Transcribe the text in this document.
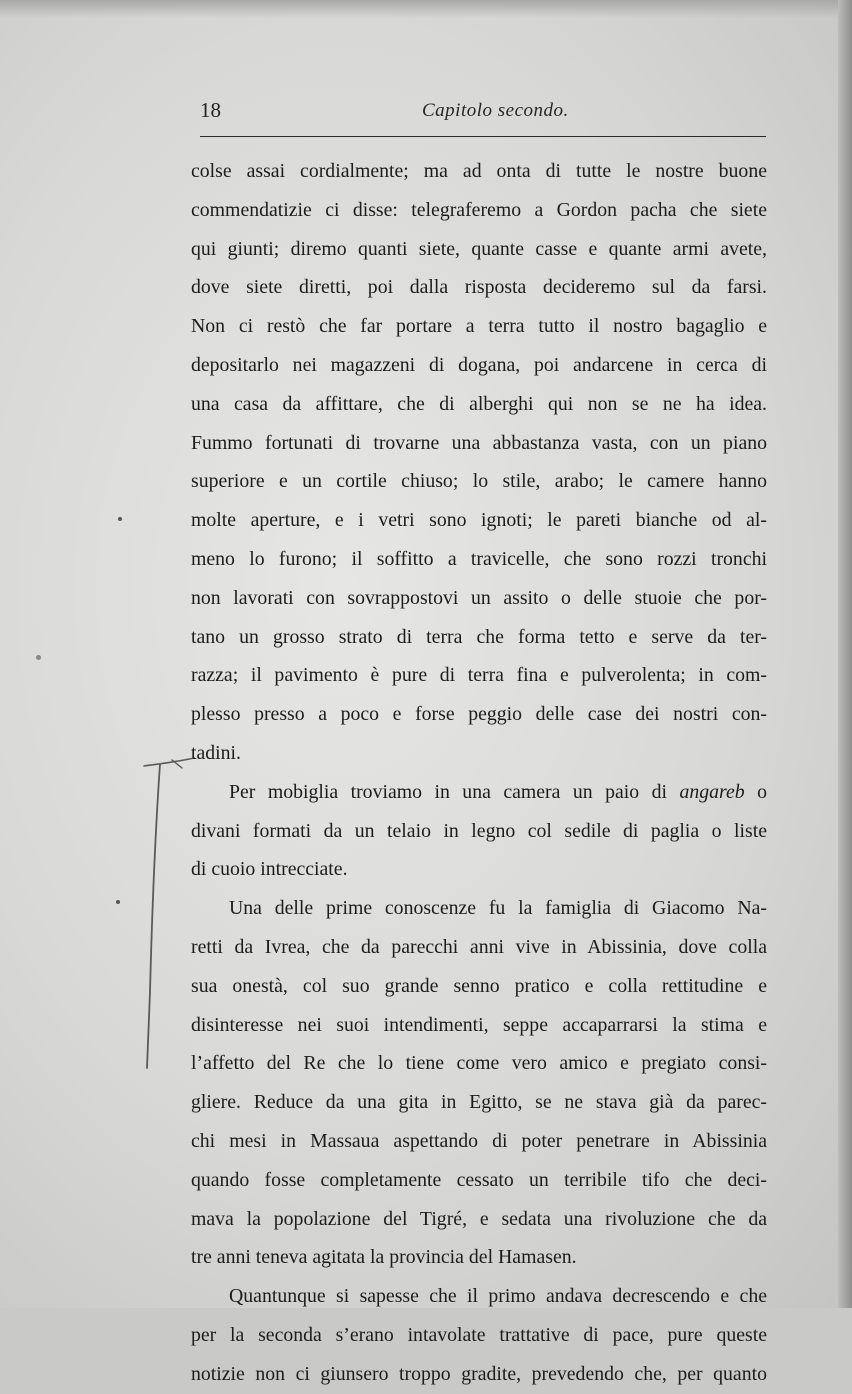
18	Capitolo secondo.
colse assai cordialmente; ma ad onta di tutte le nostre buone
commendatizie ci disse: telegraferemo a Gordon pacha che siete
qui giunti; diremo quanti siete, quante casse e quante armi avete,
dove siete diretti, poi dalla risposta decideremo sul da farsi.
Non ci restò che far portare a terra tutto il nostro bagaglio e
depositarlo nei magazzeni di dogana, poi andarcene in cerca di
una casa da affittare, che di alberghi qui non se ne ha idea.
Fummo fortunati di trovarne una abbastanza vasta, con un piano
superiore e un cortile chiuso; lo stile, arabo; le camere hanno
molte aperture, e i vetri sono ignoti; le pareti bianche od al-
meno lo furono; il soffitto a travicelle, che sono rozzi tronchi
non lavorati con sovrappostovi un assito o delle stuoie che por-
tano un grosso strato di terra che forma tetto e serve da ter-
razza; il pavimento è pure di terra fina e pulverolenta; in com-
plesso presso a poco e forse peggio delle case dei nostri con-
tadini.
Per mobiglia troviamo in una camera un paio di angareb o
divani formati da un telaio in legno col sedile di paglia o liste
di cuoio intrecciate.
Una delle prime conoscenze fu la famiglia di Giacomo Na-
retti da Ivrea, che da parecchi anni vive in Abissinia, dove colla
sua onestà, col suo grande senno pratico e colla rettitudine e
disinteresse nei suoi intendimenti, seppe accaparrarsi la stima e
l’affetto del Re che lo tiene come vero amico e pregiato consi-
gliere. Reduce da una gita in Egitto, se ne stava già da parec-
chi mesi in Massaua aspettando di poter penetrare in Abissinia
quando fosse completamente cessato un terribile tifo che deci-
mava la popolazione del Tigré, e sedata una rivoluzione che da
tre anni teneva agitata la provincia del Hamasen.
Quantunque si sapesse che il primo andava decrescendo e che
per la seconda s’erano intavolate trattative di pace, pure queste
notizie non ci giunsero troppo gradite, prevedendo che, per quanto
